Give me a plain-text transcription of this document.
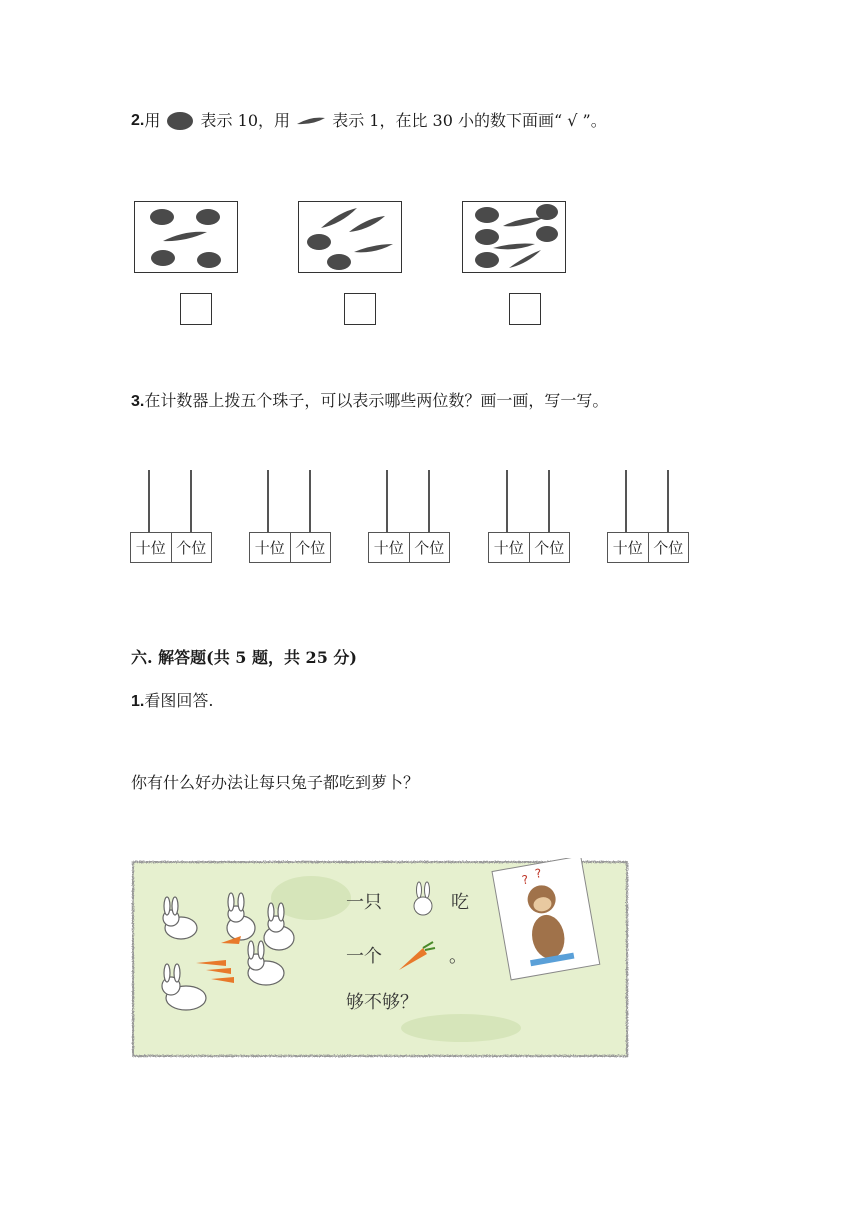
2.用	表示 10，用	表示 1，在比 30 小的数下面画“ √ ”。
3.在计数器上拨五个珠子，可以表示哪些两位数？画一画，写一写。
十位 个位	十位 个位	十位 个位	十位 个位	十位 个位
六. 解答题(共 5 题，共 25 分)
1.看图回答.
你有什么好办法让每只兔子都吃到萝卜？
一只	吃
一个	。
够不够？
? ?
